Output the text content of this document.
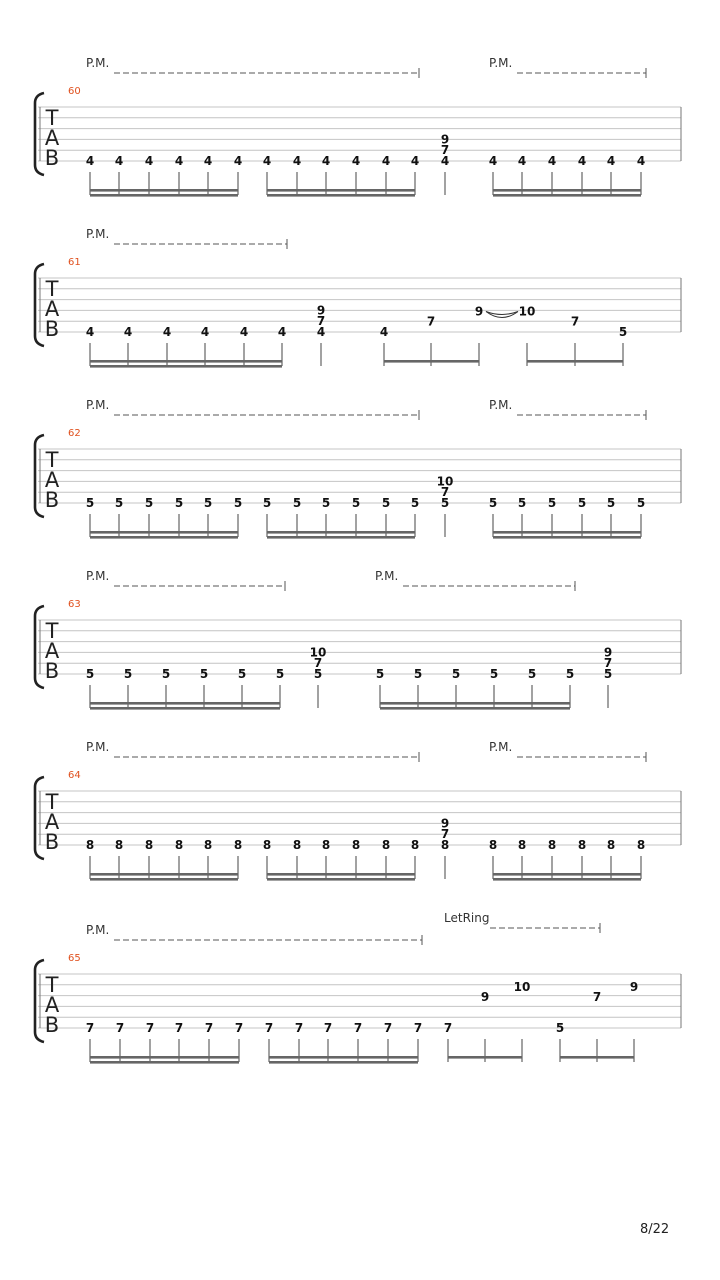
P.M.	P.M.
60
T
A
B 4 4 4 4 4 4 4 4 4 4 4 4
9
7
4	4 4 4 4 4 4
P.M.
61
T
A
B 4 4	4 4	4 4
9
7
4	4
7
9	10
7
5
P.M.	P.M.
62
T
A
B 5 5 5 5 5 5 5 5 5 5 5 5
10
7
5	5 5 5 5 5 5
P.M.	P.M.
63
T
A
B 5 5 5 5 5 5
10
7
5	5 5 5 5 5 5
9
7
5
P.M.	P.M.
64
T
A
B 8 8 8 8 8 8 8 8 8 8 8 8
9
7
8	8 8 8 8 8 8
P.M.
LetRing
65
T
A
B 7 7 7 7 7 7 7 7 7 7 7 7 7
9
10
5
7
9
8/22
